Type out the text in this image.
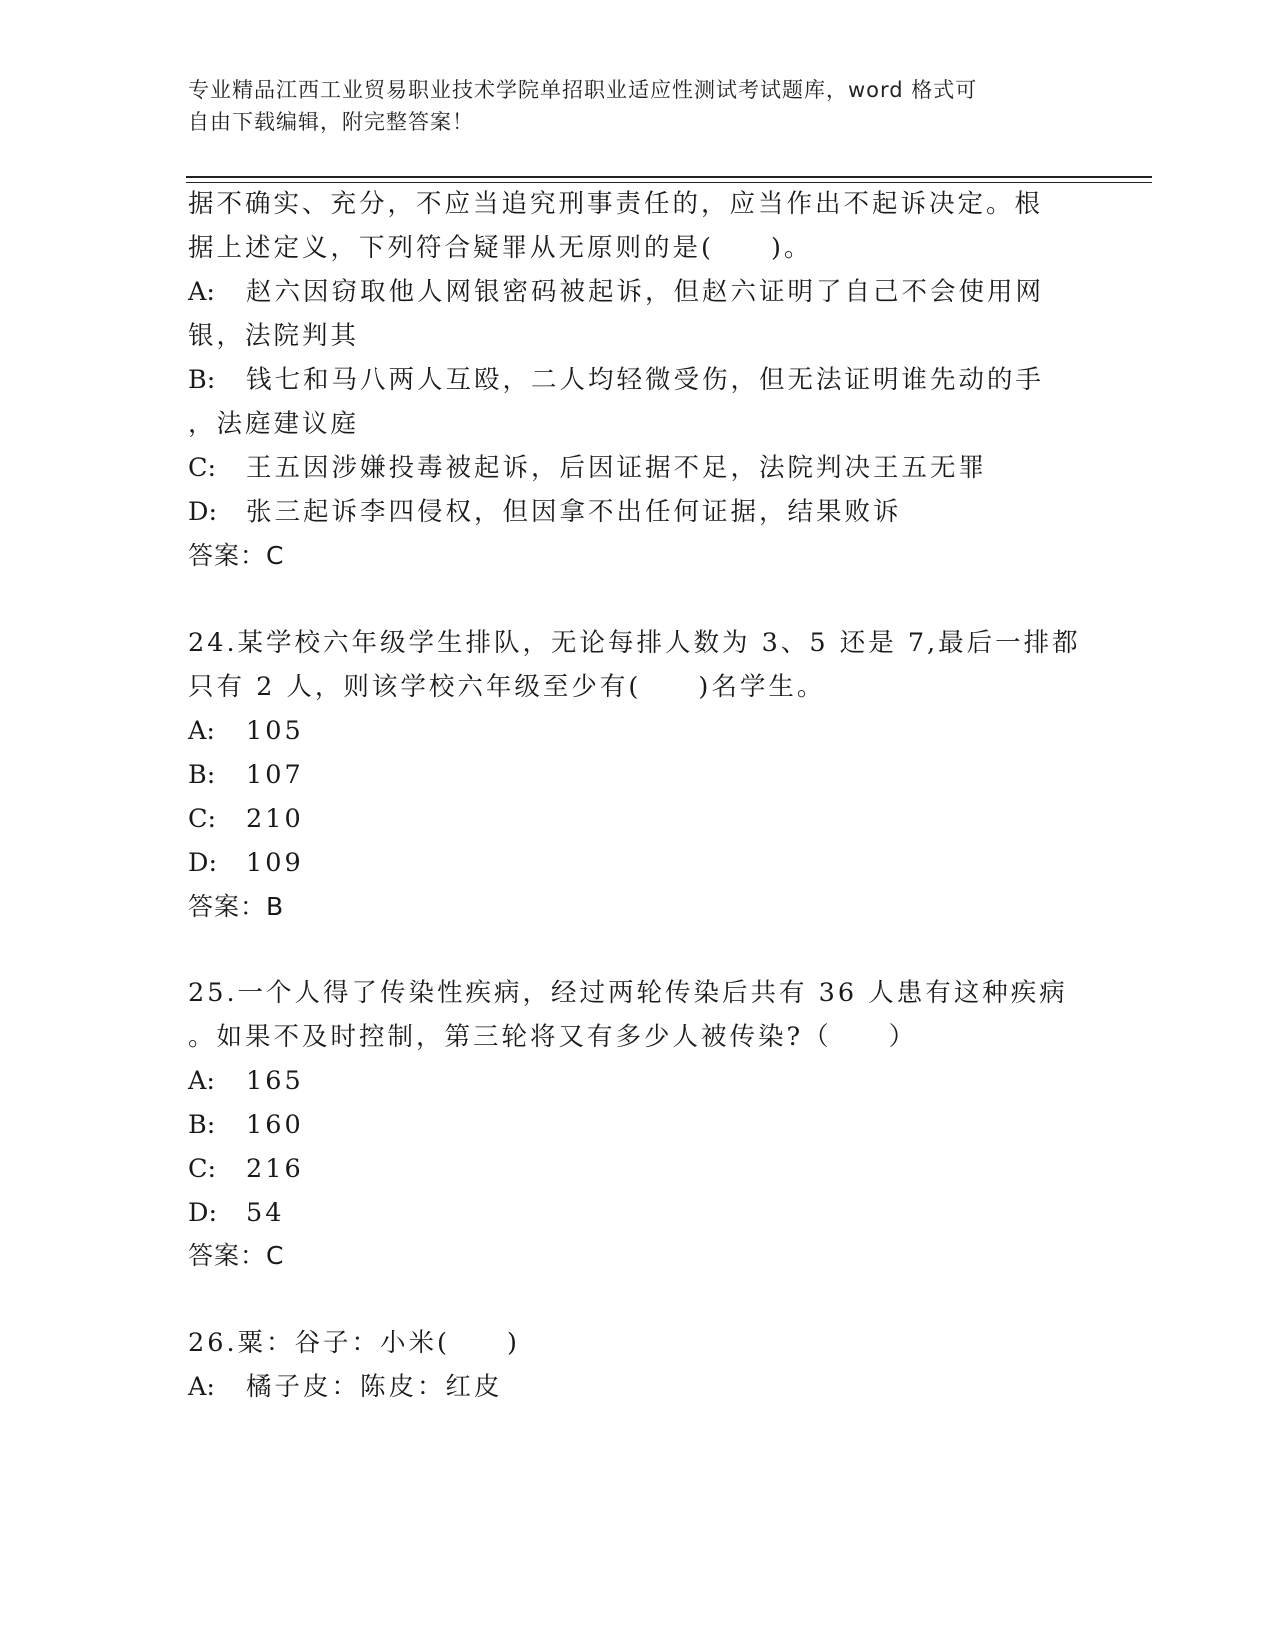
专业精品江西工业贸易职业技术学院单招职业适应性测试考试题库，word 格式可
自由下载编辑，附完整答案！
据不确实、充分，不应当追究刑事责任的，应当作出不起诉决定。根
据上述定义，下列符合疑罪从无原则的是(　　)。
A: 赵六因窃取他人网银密码被起诉，但赵六证明了自己不会使用网
银，法院判其
B: 钱七和马八两人互殴，二人均轻微受伤，但无法证明谁先动的手
，法庭建议庭
C: 王五因涉嫌投毒被起诉，后因证据不足，法院判决王五无罪
D: 张三起诉李四侵权，但因拿不出任何证据，结果败诉
答案：C
24.某学校六年级学生排队，无论每排人数为 3、5 还是 7,最后一排都
只有 2 人，则该学校六年级至少有(　　)名学生。
A: 105
B: 107
C: 210
D: 109
答案：B
25.一个人得了传染性疾病，经过两轮传染后共有 36 人患有这种疾病
。如果不及时控制，第三轮将又有多少人被传染?（　　）
A: 165
B: 160
C: 216
D: 54
答案：C
26.粟：谷子：小米(　　)
A: 橘子皮：陈皮：红皮
